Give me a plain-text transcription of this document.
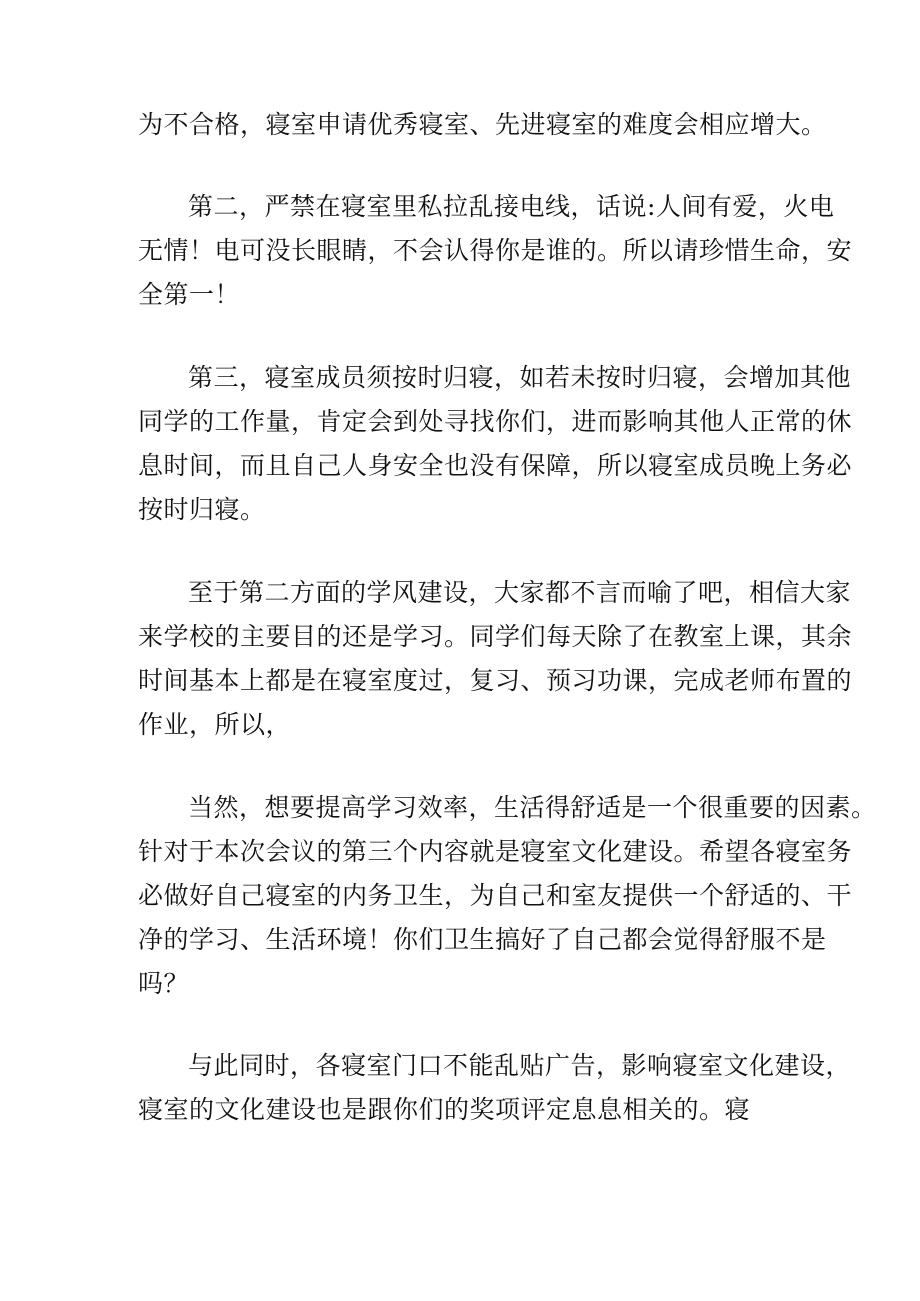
为不合格，寝室申请优秀寝室、先进寝室的难度会相应增大。
第二，严禁在寝室里私拉乱接电线，话说:人间有爱，火电
无情！电可没长眼睛，不会认得你是谁的。所以请珍惜生命，安
全第一！
第三，寝室成员须按时归寝，如若未按时归寝，会增加其他
同学的工作量，肯定会到处寻找你们，进而影响其他人正常的休
息时间，而且自己人身安全也没有保障，所以寝室成员晚上务必
按时归寝。
至于第二方面的学风建设，大家都不言而喻了吧，相信大家
来学校的主要目的还是学习。同学们每天除了在教室上课，其余
时间基本上都是在寝室度过，复习、预习功课，完成老师布置的
作业，所以，
当然，想要提高学习效率，生活得舒适是一个很重要的因素。
针对于本次会议的第三个内容就是寝室文化建设。希望各寝室务
必做好自己寝室的内务卫生，为自己和室友提供一个舒适的、干
净的学习、生活环境！你们卫生搞好了自己都会觉得舒服不是
吗？
与此同时，各寝室门口不能乱贴广告，影响寝室文化建设，
寝室的文化建设也是跟你们的奖项评定息息相关的。寝
